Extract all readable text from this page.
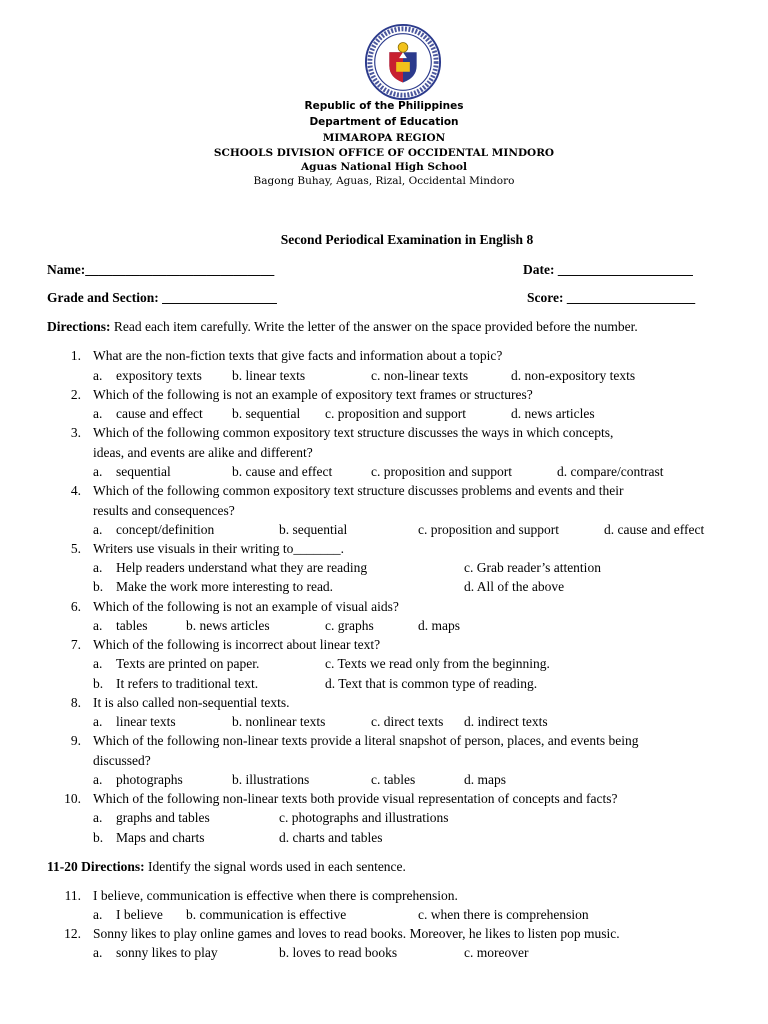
Republic of the Philippines
Department of Education
MIMAROPA REGION
SCHOOLS DIVISION OFFICE OF OCCIDENTAL MINDORO
Aguas National High School
Bagong Buhay, Aguas, Rizal, Occidental Mindoro
Second Periodical Examination in English 8
Name:____________________________	Date: ____________________
Grade and Section: _________________	Score: ___________________
Directions: Read each item carefully. Write the letter of the answer on the space provided before the number.
1. What are the non-fiction texts that give facts and information about a topic?
a. expository texts b. linear texts	c. non-linear texts	d. non-expository texts
2. Which of the following is not an example of expository text frames or structures?
a. cause and effect b. sequential c. proposition and support	d. news articles
3. Which of the following common expository text structure discusses the ways in which concepts,
ideas, and events are alike and different?
a. sequential	b. cause and effect	c. proposition and support	d. compare/contrast
4. Which of the following common expository text structure discusses problems and events and their
results and consequences?
a. concept/definition	b. sequential	c. proposition and support	d. cause and effect
5. Writers use visuals in their writing to_______.
a. Help readers understand what they are reading	c. Grab reader’s attention
b. Make the work more interesting to read.	d. All of the above
6. Which of the following is not an example of visual aids?
a. tables	b. news articles	c. graphs	d. maps
7. Which of the following is incorrect about linear text?
a. Texts are printed on paper.	c. Texts we read only from the beginning.
b. It refers to traditional text.	d. Text that is common type of reading.
8. It is also called non-sequential texts.
a. linear texts	b. nonlinear texts	c. direct texts d. indirect texts
9. Which of the following non-linear texts provide a literal snapshot of person, places, and events being
discussed?
a. photographs	b. illustrations	c. tables	d. maps
10. Which of the following non-linear texts both provide visual representation of concepts and facts?
a. graphs and tables	c. photographs and illustrations
b. Maps and charts	d. charts and tables
11-20 Directions: Identify the signal words used in each sentence.
11. I believe, communication is effective when there is comprehension.
a. I believe b. communication is effective	c. when there is comprehension
12. Sonny likes to play online games and loves to read books. Moreover, he likes to listen pop music.
a. sonny likes to play	b. loves to read books	c. moreover
